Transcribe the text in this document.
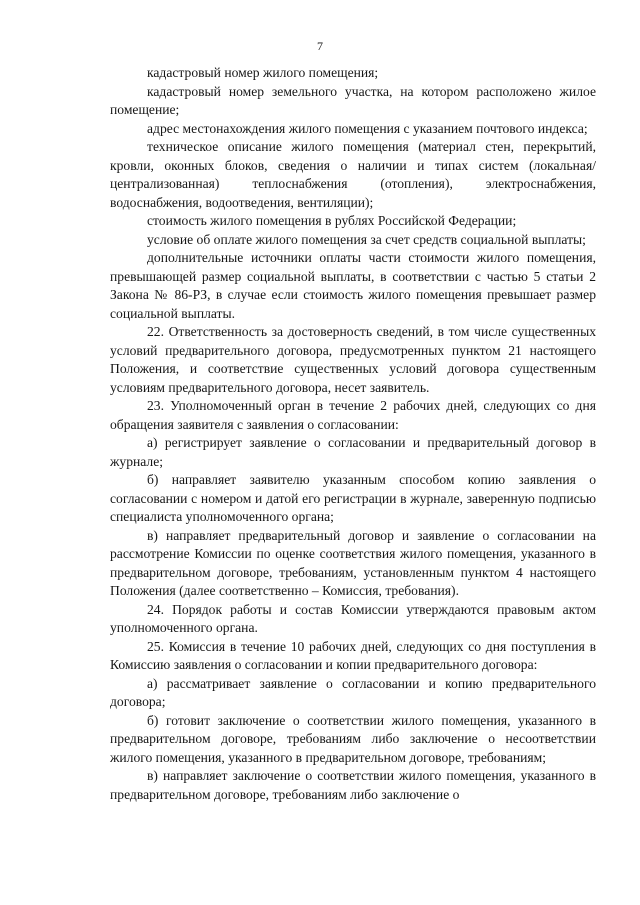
7

кадастровый номер жилого помещения;

кадастровый номер земельного участка, на котором расположено жилое помещение;

адрес местонахождения жилого помещения с указанием почтового индекса;

техническое описание жилого помещения (материал стен, перекрытий, кровли, оконных блоков, сведения о наличии и типах систем (локальная/централизованная) теплоснабжения (отопления), электроснабжения, водоснабжения, водоотведения, вентиляции);

стоимость жилого помещения в рублях Российской Федерации;

условие об оплате жилого помещения за счет средств социальной выплаты;

дополнительные источники оплаты части стоимости жилого помещения, превышающей размер социальной выплаты, в соответствии с частью 5 статьи 2 Закона № 86-РЗ, в случае если стоимость жилого помещения превышает размер социальной выплаты.

22. Ответственность за достоверность сведений, в том числе существенных условий предварительного договора, предусмотренных пунктом 21 настоящего Положения, и соответствие существенных условий договора существенным условиям предварительного договора, несет заявитель.

23. Уполномоченный орган в течение 2 рабочих дней, следующих со дня обращения заявителя с заявления о согласовании:

а) регистрирует заявление о согласовании и предварительный договор в журнале;

б) направляет заявителю указанным способом копию заявления о согласовании с номером и датой его регистрации в журнале, заверенную подписью специалиста уполномоченного органа;

в) направляет предварительный договор и заявление о согласовании на рассмотрение Комиссии по оценке соответствия жилого помещения, указанного в предварительном договоре, требованиям, установленным пунктом 4 настоящего Положения (далее соответственно – Комиссия, требования).

24. Порядок работы и состав Комиссии утверждаются правовым актом уполномоченного органа.

25. Комиссия в течение 10 рабочих дней, следующих со дня поступления в Комиссию заявления о согласовании и копии предварительного договора:

а) рассматривает заявление о согласовании и копию предварительного договора;

б) готовит заключение о соответствии жилого помещения, указанного в предварительном договоре, требованиям либо заключение о несоответствии жилого помещения, указанного в предварительном договоре, требованиям;

в) направляет заключение о соответствии жилого помещения, указанного в предварительном договоре, требованиям либо заключение о
